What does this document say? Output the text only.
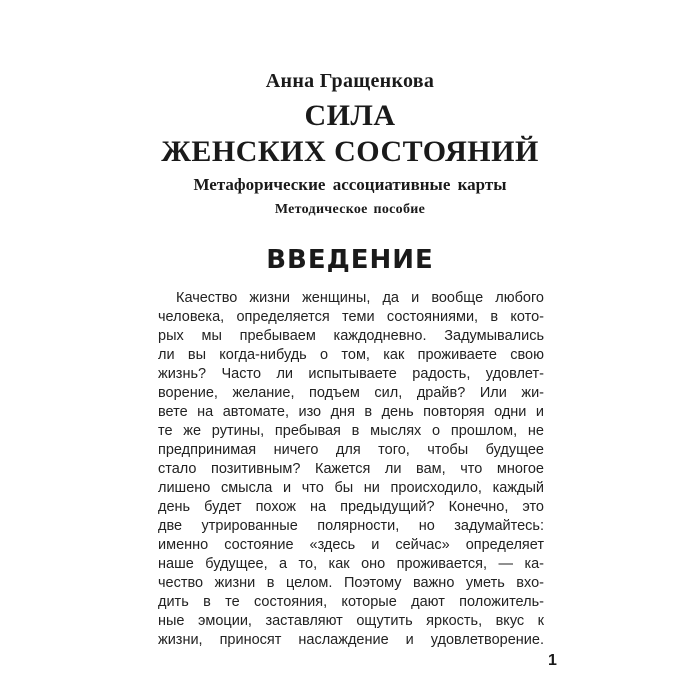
Анна Гращенкова
СИЛА
ЖЕНСКИХ СОСТОЯНИЙ
Метафорические ассоциативные карты
Методическое пособие
ВВЕДЕНИЕ
Качество жизни женщины, да и вообще любого
человека, определяется теми состояниями, в кото-
рых мы пребываем каждодневно. Задумывались
ли вы когда-нибудь о том, как проживаете свою
жизнь? Часто ли испытываете радость, удовлет-
ворение, желание, подъем сил, драйв? Или жи-
вете на автомате, изо дня в день повторяя одни и
те же рутины, пребывая в мыслях о прошлом, не
предпринимая ничего для того, чтобы будущее
стало позитивным? Кажется ли вам, что многое
лишено смысла и что бы ни происходило, каждый
день будет похож на предыдущий? Конечно, это
две утрированные полярности, но задумайтесь:
именно состояние «здесь и сейчас» определяет
наше будущее, а то, как оно проживается, — ка-
чество жизни в целом. Поэтому важно уметь вхо-
дить в те состояния, которые дают положитель-
ные эмоции, заставляют ощутить яркость, вкус к
жизни, приносят наслаждение и удовлетворение.
1
